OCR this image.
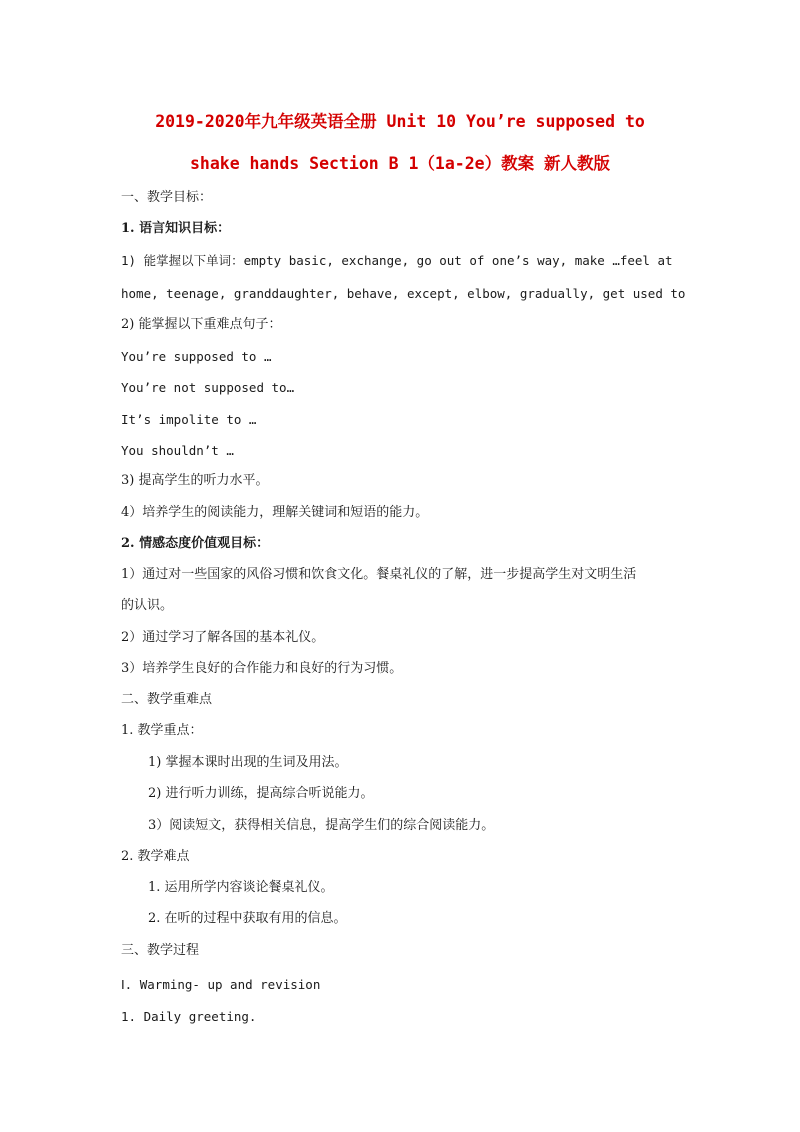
2019-2020年九年级英语全册 Unit 10 You’re supposed to
shake hands Section B 1（1a-2e）教案 新人教版
一、教学目标：
1. 语言知识目标：
1) 能掌握以下单词：empty basic, exchange, go out of one’s way, make …feel at
home, teenage, granddaughter, behave, except, elbow, gradually, get used to
2) 能掌握以下重难点句子：
You’re supposed to …
You’re not supposed to…
It’s impolite to …
You shouldn’t …
3) 提高学生的听力水平。
4）培养学生的阅读能力，理解关键词和短语的能力。
2. 情感态度价值观目标：
1）通过对一些国家的风俗习惯和饮食文化。餐桌礼仪的了解，进一步提高学生对文明生活
的认识。
2）通过学习了解各国的基本礼仪。
3）培养学生良好的合作能力和良好的行为习惯。
二、教学重难点
1. 教学重点：
1) 掌握本课时出现的生词及用法。
2) 进行听力训练，提高综合听说能力。
3）阅读短文，获得相关信息，提高学生们的综合阅读能力。
2. 教学难点
1. 运用所学内容谈论餐桌礼仪。
2. 在听的过程中获取有用的信息。
三、教学过程
Ⅰ. Warming- up and revision
1. Daily greeting.
